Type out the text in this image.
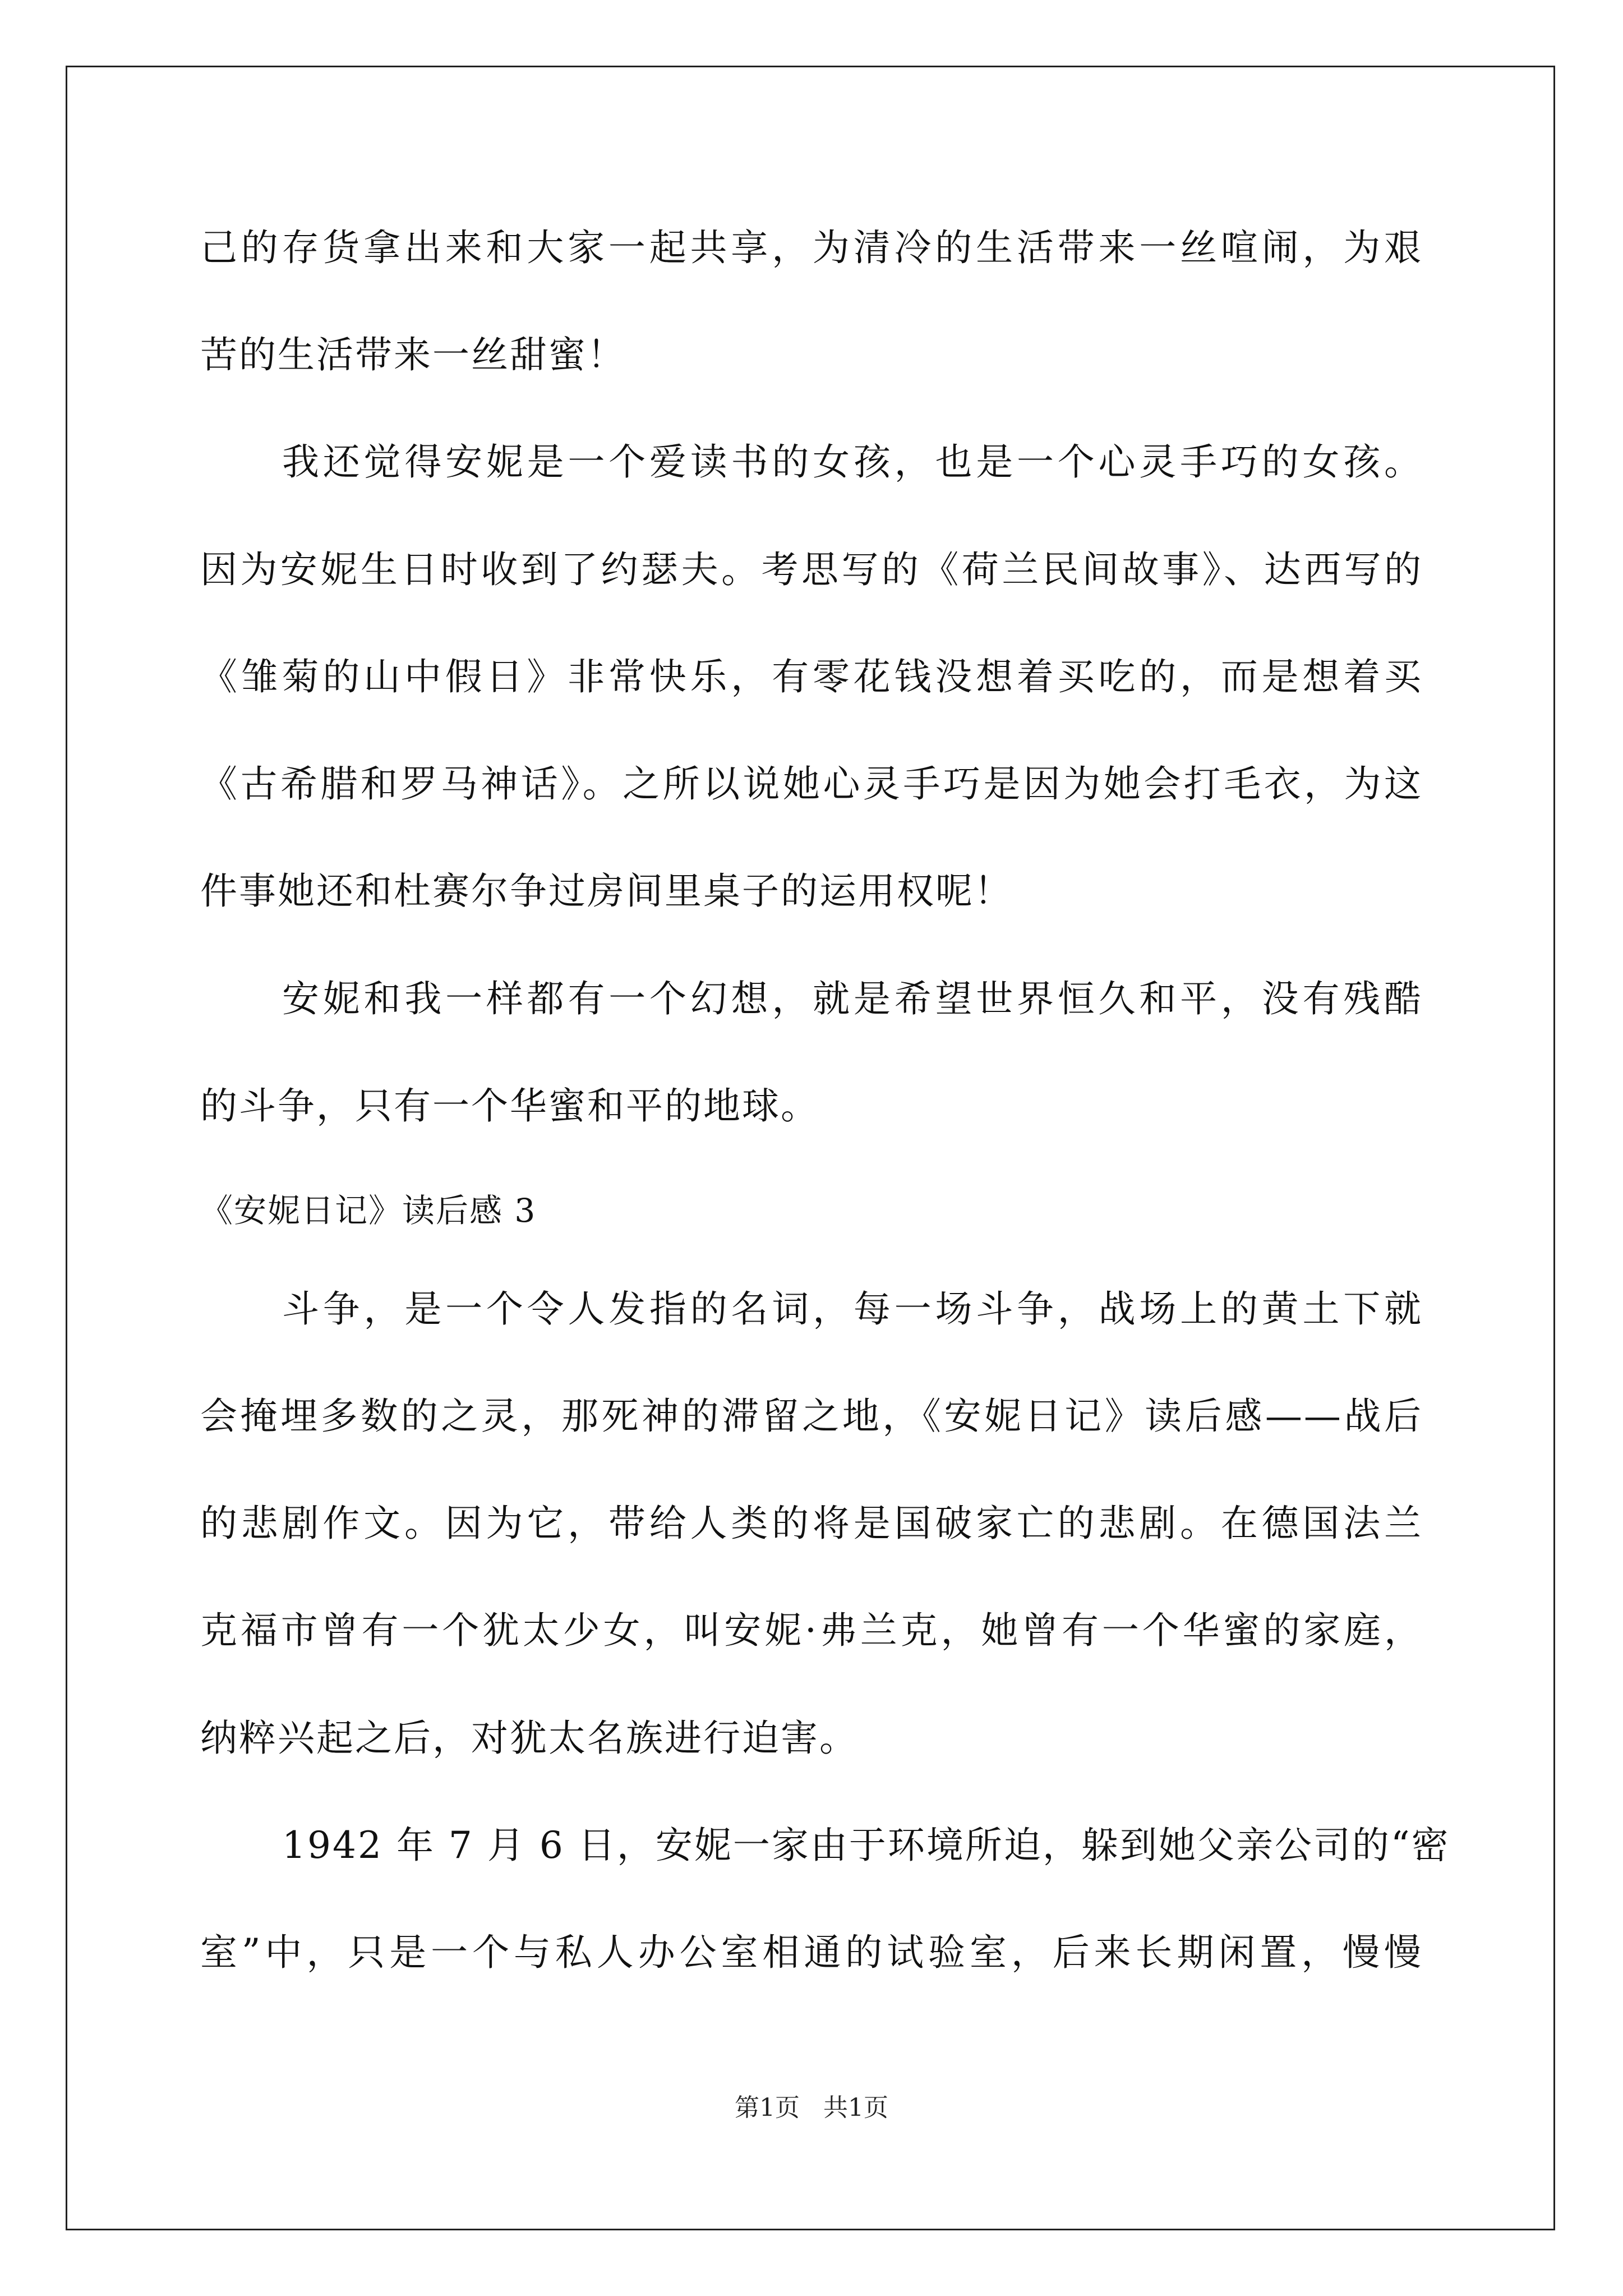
己的存货拿出来和大家一起共享，为清冷的生活带来一丝喧闹，为艰
苦的生活带来一丝甜蜜！
我还觉得安妮是一个爱读书的女孩，也是一个心灵手巧的女孩。
因为安妮生日时收到了约瑟夫。考思写的《荷兰民间故事》、达西写的
《雏菊的山中假日》非常快乐，有零花钱没想着买吃的，而是想着买
《古希腊和罗马神话》。之所以说她心灵手巧是因为她会打毛衣，为这
件事她还和杜赛尔争过房间里桌子的运用权呢！
安妮和我一样都有一个幻想，就是希望世界恒久和平，没有残酷
的斗争，只有一个华蜜和平的地球。
《安妮日记》读后感 3
斗争，是一个令人发指的名词，每一场斗争，战场上的黄土下就
会掩埋多数的之灵，那死神的滞留之地，《安妮日记》读后感——战后
的悲剧作文。因为它，带给人类的将是国破家亡的悲剧。在德国法兰
克福市曾有一个犹太少女，叫安妮·弗兰克，她曾有一个华蜜的家庭，
纳粹兴起之后，对犹太名族进行迫害。
1942 年 7 月 6 日，安妮一家由于环境所迫，躲到她父亲公司的“密
室”中，只是一个与私人办公室相通的试验室，后来长期闲置，慢慢
第1页   共1页
